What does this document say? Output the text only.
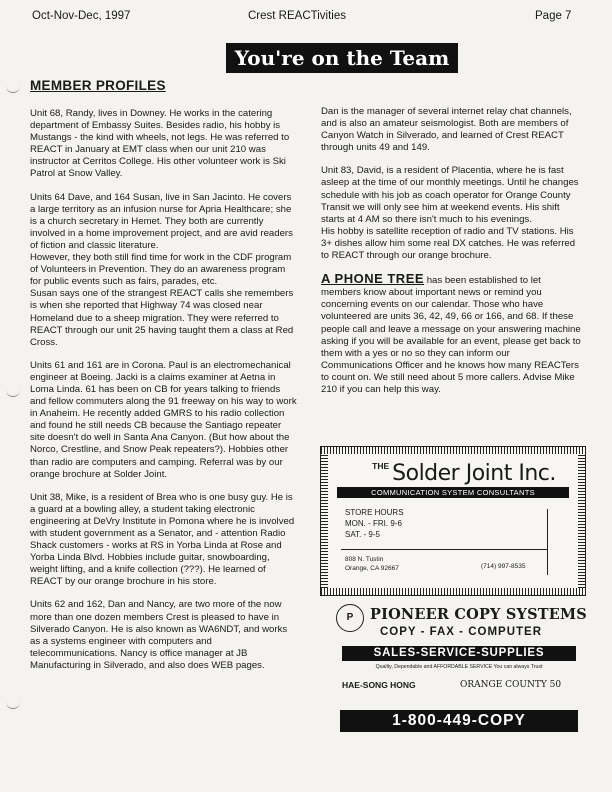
Oct-Nov-Dec, 1997	Crest REACTivities	Page 7
You're on the Team
MEMBER PROFILES

Unit 68, Randy, lives in Downey. He works in the catering department of Embassy Suites. Besides radio, his hobby is Mustangs - the kind with wheels, not legs. He was referred to REACT in January at EMT class when our unit 210 was instructor at Cerritos College. His other volunteer work is Ski Patrol at Snow Valley.

Units 64 Dave, and 164 Susan, live in San Jacinto. He covers a large territory as an infusion nurse for Apria Healthcare; she is a church secretary in Hemet. They both are currently involved in a home improvement project, and are avid readers of fiction and classic literature.

However, they both still find time for work in the CDF program of Volunteers in Prevention. They do an awareness program for public events such as fairs, parades, etc.

Susan says one of the strangest REACT calls she remembers is when she reported that Highway 74 was closed near Homeland due to a sheep migration. They were referred to REACT through our unit 25 having taught them a class at Red Cross.

Units 61 and 161 are in Corona. Paul is an electromechanical engineer at Boeing. Jacki is a claims examiner at Aetna in Loma Linda. 61 has been on CB for years talking to friends and fellow commuters along the 91 freeway on his way to work in Anaheim. He recently added GMRS to his radio collection and found he still needs CB because the Santiago repeater site doesn't do well in Santa Ana Canyon. (But how about the Norco, Crestline, and Snow Peak repeaters?). Hobbies other than radio are computers and camping. Referral was by our orange brochure at Solder Joint.

Unit 38, Mike, is a resident of Brea who is one busy guy. He is a guard at a bowling alley, a student taking electronic engineering at DeVry Institute in Pomona where he is involved with student government as a Senator, and - attention Radio Shack customers - works at RS in Yorba Linda at Rose and Yorba Linda Blvd. Hobbies include guitar, snowboarding, weight lifting, and a knife collection (???). He learned of REACT by our orange brochure in his store.

Units 62 and 162, Dan and Nancy, are two more of the now more than one dozen members Crest is pleased to have in Silverado Canyon. He is also known as WA6NDT, and works as a systems engineer with computers and telecommunications. Nancy is office manager at JB Manufacturing in Silverado, and also does WEB pages.

Dan is the manager of several internet relay chat channels, and is also an amateur seismologist. Both are members of Canyon Watch in Silverado, and learned of Crest REACT through units 49 and 149.

Unit 83, David, is a resident of Placentia, where he is fast asleep at the time of our monthly meetings. Until he changes schedule with his job as coach operator for Orange County Transit we will only see him at weekend events. His shift starts at 4 AM so there isn't much to his evenings.

His hobby is satellite reception of radio and TV stations. His 3+ dishes allow him some real DX catches. He was referred to REACT through our orange brochure.

A PHONE TREE has been established to let members know about important news or remind you concerning events on our calendar. Those who have volunteered are units 36, 42, 49, 66 or 166, and 68. If these people call and leave a message on your answering machine asking if you will be available for an event, please get back to them with a yes or no so they can inform our Communications Officer and he knows how many REACTers to count on. We still need about 5 more callers. Advise Mike 210 if you can help this way.

$^{THE}$ Solder Joint Inc.
COMMUNICATION SYSTEM CONSULTANTS
STORE HOURS
MON. - FRI. 9-6
SAT. - 9-5
808 N. Tustin
Orange, CA 92667	(714) 997-8535
P	PIONEER COPY SYSTEMS
COPY - FAX - COMPUTER
SALES-SERVICE-SUPPLIES
Quality, Dependable and AFFORDABLE SERVICE You can always Trust
HAE-SONG HONG	ORANGE COUNTY 50
1-800-449-COPY
